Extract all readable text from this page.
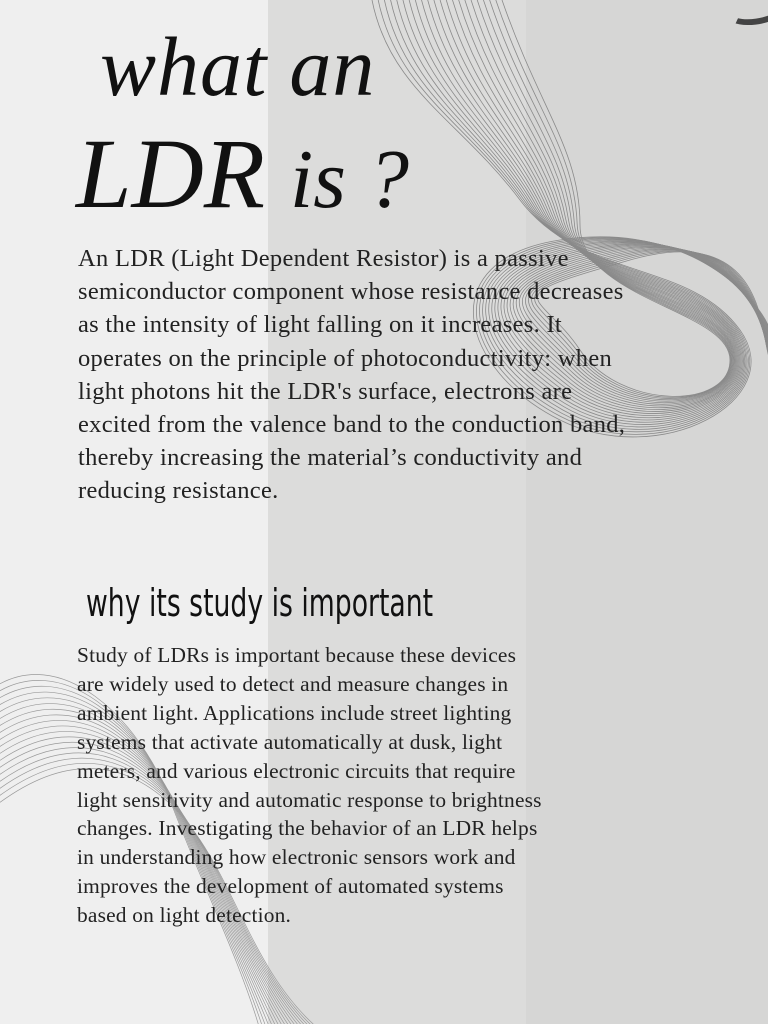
what an
LDR is ?
An LDR (Light Dependent Resistor) is a passive semiconductor component whose resistance decreases as the intensity of light falling on it increases. It operates on the principle of photoconductivity: when light photons hit the LDR's surface, electrons are excited from the valence band to the conduction band, thereby increasing the material’s conductivity and reducing resistance.
why its study is important
Study of LDRs is important because these devices are widely used to detect and measure changes in ambient light. Applications include street lighting systems that activate automatically at dusk, light meters, and various electronic circuits that require light sensitivity and automatic response to brightness changes. Investigating the behavior of an LDR helps in understanding how electronic sensors work and improves the development of automated systems based on light detection.
